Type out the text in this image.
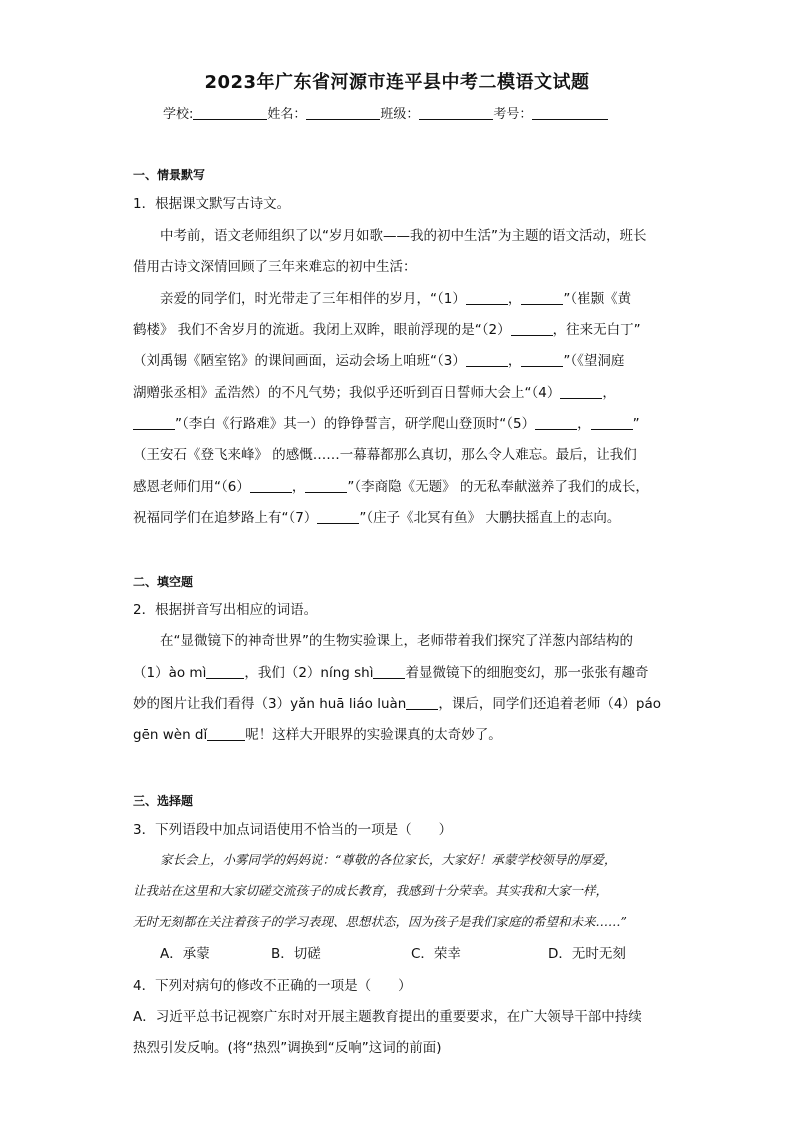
2023年广东省河源市连平县中考二模语文试题
学校:	姓名：	班级：	考号：
一、情景默写
1．根据课文默写古诗文。
中考前，语文老师组织了以“岁月如歌——我的初中生活”为主题的语文活动，班长
借用古诗文深情回顾了三年来难忘的初中生活：
亲爱的同学们，时光带走了三年相伴的岁月，“（1）	，	”（崔颢《黄
鹤楼》 我们不舍岁月的流逝。我闭上双眸，眼前浮现的是“（2）	，往来无白丁”
（刘禹锡《陋室铭》的课间画面，运动会场上咱班“（3）	，	”（《望洞庭
湖赠张丞相》孟浩然）的不凡气势；我似乎还听到百日誓师大会上“（4）	，
”（李白《行路难》其一）的铮铮誓言，研学爬山登顶时“（5）	，	”
（王安石《登飞来峰》 的感慨……一幕幕都那么真切，那么令人难忘。最后，让我们
感恩老师们用“（6）	，	”（李商隐《无题》 的无私奉献滋养了我们的成长，
祝福同学们在追梦路上有“（7）	”（庄子《北冥有鱼》 大鹏扶摇直上的志向。
二、填空题
2．根据拼音写出相应的词语。
在“显微镜下的神奇世界”的生物实验课上，老师带着我们探究了洋葱内部结构的
（1）ào mì	，我们（2）níng shì 着显微镜下的细胞变幻，那一张张有趣奇
妙的图片让我们看得（3）yǎn huā liáo luàn ，课后，同学们还追着老师（4）páo
gēn wèn dǐ	呢！这样大开眼界的实验课真的太奇妙了。
三、选择题
3．下列语段中加点词语使用不恰当的一项是（　　）
家长会上，小雾同学的妈妈说：“尊敬的各位家长，大家好！承蒙学校领导的厚爱，
让我站在这里和大家切磋交流孩子的成长教育，我感到十分荣幸。其实我和大家一样，
无时无刻都在关注着孩子的学习表现、思想状态，因为孩子是我们家庭的希望和未来……”
A．承蒙	B．切磋	C．荣幸	D．无时无刻
4．下列对病句的修改不正确的一项是（　　）
A．习近平总书记视察广东时对开展主题教育提出的重要要求，在广大领导干部中持续
热烈引发反响。(将“热烈”调换到“反响”这词的前面)
